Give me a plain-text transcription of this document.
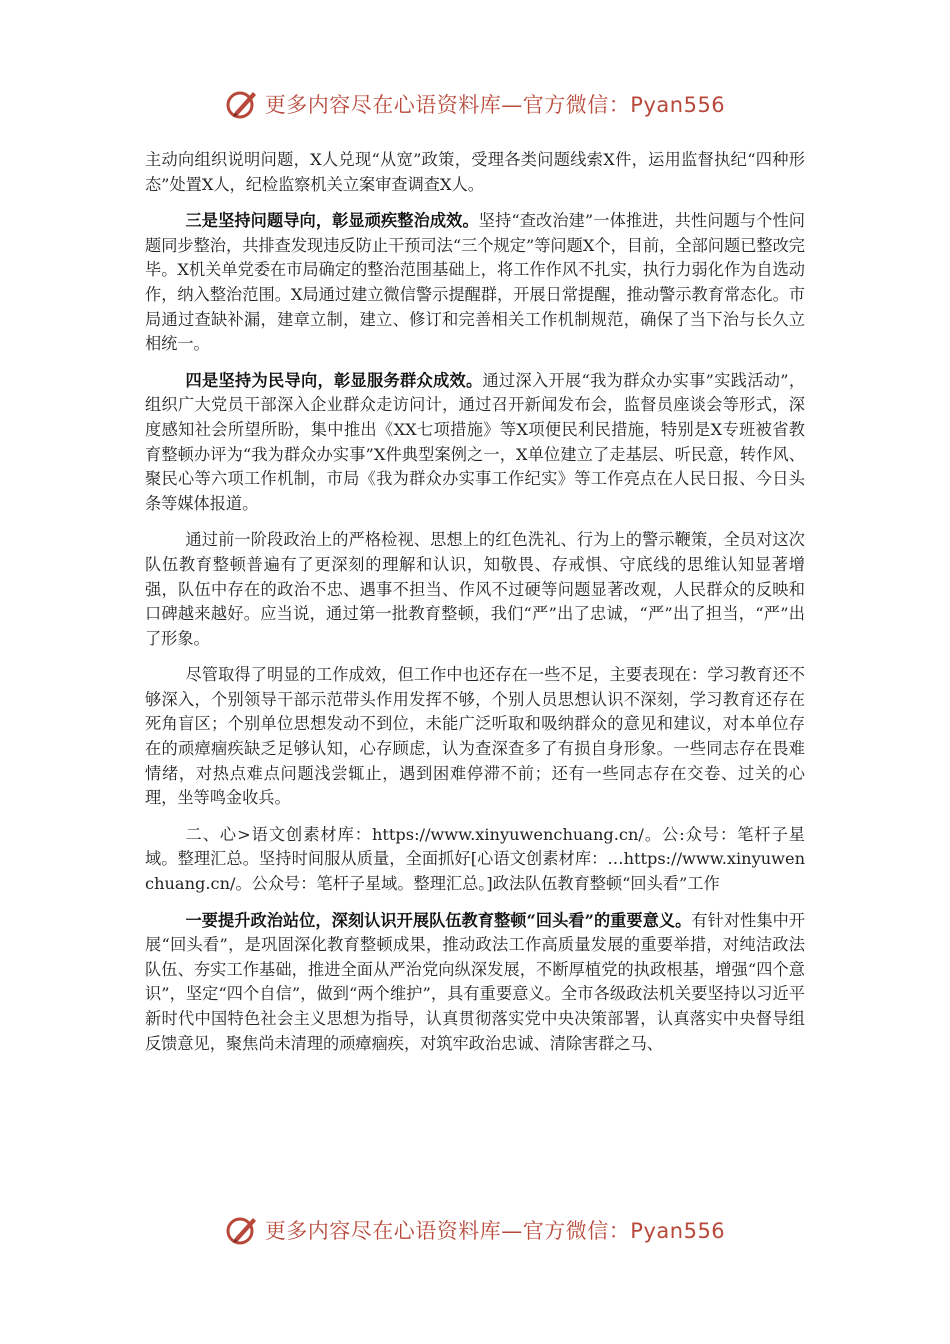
更多内容尽在心语资料库—官方微信：Pyan556

主动向组织说明问题，X人兑现“从宽”政策，受理各类问题线索X件，运用监督执纪“四种形态”处置X人，纪检监察机关立案审查调查X人。

三是坚持问题导向，彰显顽疾整治成效。坚持“查改治建”一体推进，共性问题与个性问题同步整治，共排查发现违反防止干预司法“三个规定”等问题X个，目前，全部问题已整改完毕。X机关单党委在市局确定的整治范围基础上，将工作作风不扎实，执行力弱化作为自选动作，纳入整治范围。X局通过建立微信警示提醒群，开展日常提醒，推动警示教育常态化。市局通过查缺补漏，建章立制，建立、修订和完善相关工作机制规范，确保了当下治与长久立相统一。

四是坚持为民导向，彰显服务群众成效。通过深入开展“我为群众办实事”实践活动”，组织广大党员干部深入企业群众走访问计，通过召开新闻发布会，监督员座谈会等形式，深度感知社会所望所盼，集中推出《XX七项措施》等X项便民利民措施，特别是X专班被省教育整顿办评为“我为群众办实事”X件典型案例之一，X单位建立了走基层、听民意，转作风、聚民心等六项工作机制，市局《我为群众办实事工作纪实》等工作亮点在人民日报、今日头条等媒体报道。

通过前一阶段政治上的严格检视、思想上的红色洗礼、行为上的警示鞭策，全员对这次队伍教育整顿普遍有了更深刻的理解和认识，知敬畏、存戒惧、守底线的思维认知显著增强，队伍中存在的政治不忠、遇事不担当、作风不过硬等问题显著改观，人民群众的反映和口碑越来越好。应当说，通过第一批教育整顿，我们“严”出了忠诚，“严”出了担当，“严”出了形象。

尽管取得了明显的工作成效，但工作中也还存在一些不足，主要表现在：学习教育还不够深入，个别领导干部示范带头作用发挥不够，个别人员思想认识不深刻，学习教育还存在死角盲区；个别单位思想发动不到位，未能广泛听取和吸纳群众的意见和建议，对本单位存在的顽瘴痼疾缺乏足够认知，心存顾虑，认为查深查多了有损自身形象。一些同志存在畏难情绪，对热点难点问题浅尝辄止，遇到困难停滞不前；还有一些同志存在交卷、过关的心理，坐等鸣金收兵。

二、心>语文创素材库：https://www.xinyuwenchuang.cn/。公:众号：笔杆子星域。整理汇总。坚持时间服从质量，全面抓好[心语文创素材库：…https://www.xinyuwenchuang.cn/。公众号：笔杆子星域。整理汇总。]政法队伍教育整顿“回头看”工作

一要提升政治站位，深刻认识开展队伍教育整顿“回头看”的重要意义。有针对性集中开展“回头看”，是巩固深化教育整顿成果，推动政法工作高质量发展的重要举措，对纯洁政法队伍、夯实工作基础，推进全面从严治党向纵深发展，不断厚植党的执政根基，增强“四个意识”，坚定“四个自信”，做到“两个维护”，具有重要意义。全市各级政法机关要坚持以习近平新时代中国特色社会主义思想为指导，认真贯彻落实党中央决策部署，认真落实中央督导组反馈意见，聚焦尚未清理的顽瘴痼疾，对筑牢政治忠诚、清除害群之马、

更多内容尽在心语资料库—官方微信：Pyan556
